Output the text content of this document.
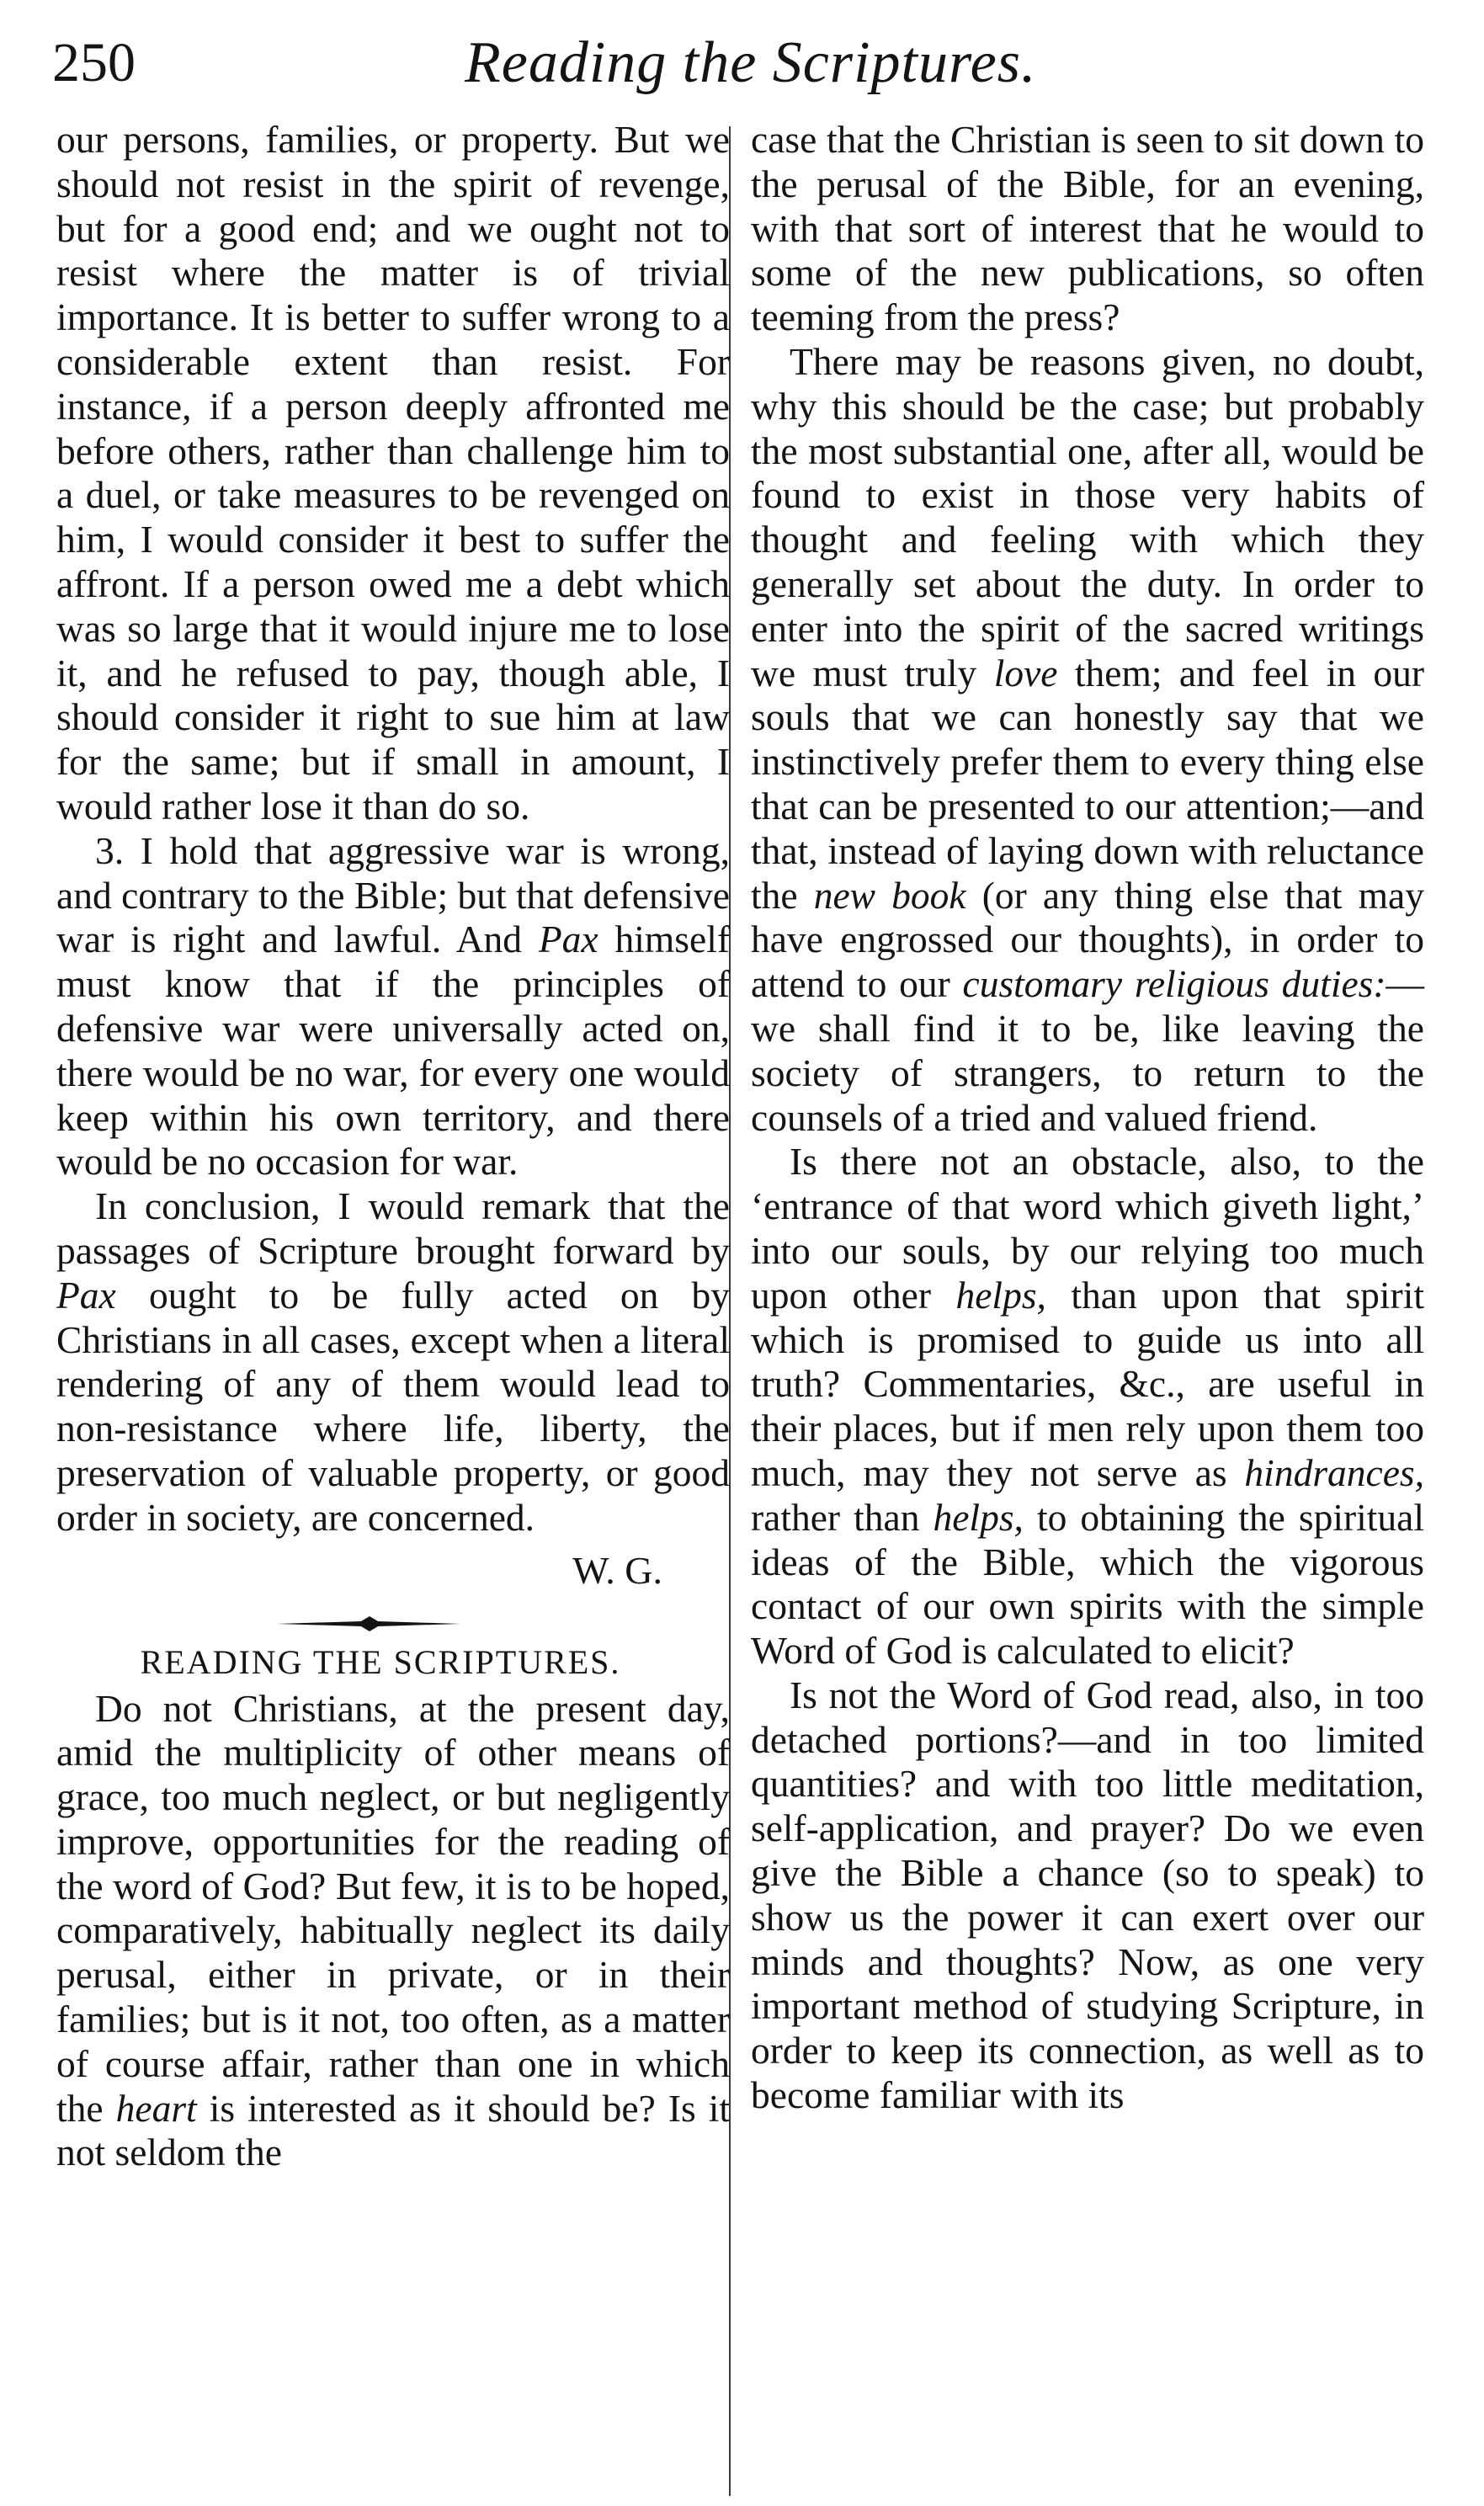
250	Reading the Scriptures.

our persons, families, or property. But we should not resist in the spirit of revenge, but for a good end; and we ought not to resist where the matter is of trivial importance. It is better to suffer wrong to a considerable extent than resist. For instance, if a person deeply affronted me before others, rather than challenge him to a duel, or take measures to be revenged on him, I would consider it best to suffer the affront. If a person owed me a debt which was so large that it would injure me to lose it, and he refused to pay, though able, I should consider it right to sue him at law for the same; but if small in amount, I would rather lose it than do so.

3. I hold that aggressive war is wrong, and contrary to the Bible; but that defensive war is right and lawful. And Pax himself must know that if the principles of defensive war were universally acted on, there would be no war, for every one would keep within his own territory, and there would be no occasion for war.

In conclusion, I would remark that the passages of Scripture brought forward by Pax ought to be fully acted on by Christians in all cases, except when a literal rendering of any of them would lead to non-resistance where life, liberty, the preservation of valuable property, or good order in society, are concerned.

W. G.
READING THE SCRIPTURES.

Do not Christians, at the present day, amid the multiplicity of other means of grace, too much neglect, or but negligently improve, opportunities for the reading of the word of God? But few, it is to be hoped, comparatively, habitually neglect its daily perusal, either in private, or in their families; but is it not, too often, as a matter of course affair, rather than one in which the heart is interested as it should be? Is it not seldom the

case that the Christian is seen to sit down to the perusal of the Bible, for an evening, with that sort of interest that he would to some of the new publications, so often teeming from the press?

There may be reasons given, no doubt, why this should be the case; but probably the most substantial one, after all, would be found to exist in those very habits of thought and feeling with which they generally set about the duty. In order to enter into the spirit of the sacred writings we must truly love them; and feel in our souls that we can honestly say that we instinctively prefer them to every thing else that can be presented to our attention;—and that, instead of laying down with reluctance the new book (or any thing else that may have engrossed our thoughts), in order to attend to our customary religious duties:—we shall find it to be, like leaving the society of strangers, to return to the counsels of a tried and valued friend.

Is there not an obstacle, also, to the ‘entrance of that word which giveth light,’ into our souls, by our relying too much upon other helps, than upon that spirit which is promised to guide us into all truth? Commentaries, &c., are useful in their places, but if men rely upon them too much, may they not serve as hindrances, rather than helps, to obtaining the spiritual ideas of the Bible, which the vigorous contact of our own spirits with the simple Word of God is calculated to elicit?

Is not the Word of God read, also, in too detached portions?—and in too limited quantities? and with too little meditation, self-application, and prayer? Do we even give the Bible a chance (so to speak) to show us the power it can exert over our minds and thoughts? Now, as one very important method of studying Scripture, in order to keep its connection, as well as to become familiar with its
